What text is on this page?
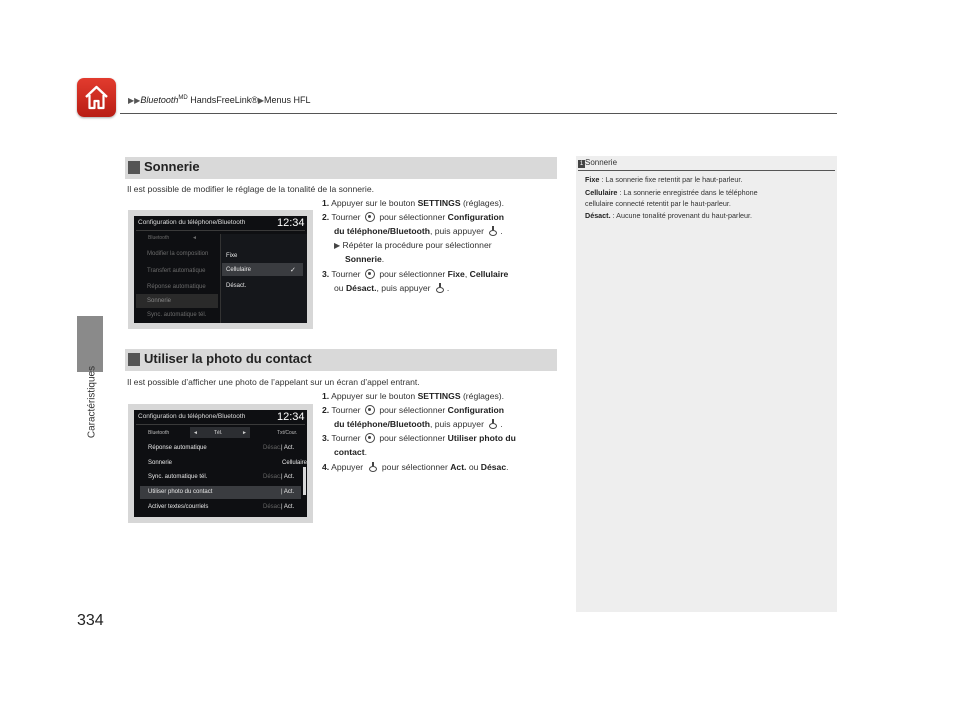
▶▶Bluetooth$^{MD}$ HandsFreeLink®▶Menus HFL
Caractéristiques
334
Sonnerie
Il est possible de modifier le réglage de la tonalité de la sonnerie.
1. Appuyer sur le bouton SETTINGS (réglages).
2. Tourner  pour sélectionner Configuration
du téléphone/Bluetooth, puis appuyer .
▶ Répéter la procédure pour sélectionner
Sonnerie.
3. Tourner  pour sélectionner Fixe, Cellulaire
ou Désact., puis appuyer .
Configuration du téléphone/Bluetooth	12:34
Bluetooth	◄
Modifier la composition
Transfert automatique
Réponse automatique
Sonnerie
Sync. automatique tél.
Fixe
Cellulaire	✓
Désact.
Utiliser la photo du contact
Il est possible d’afficher une photo de l’appelant sur un écran d’appel entrant.
1. Appuyer sur le bouton SETTINGS (réglages).
2. Tourner  pour sélectionner Configuration
du téléphone/Bluetooth, puis appuyer .
3. Tourner  pour sélectionner Utiliser photo du
contact.
4. Appuyer  pour sélectionner Act. ou Désac.
Configuration du téléphone/Bluetooth	12:34
Bluetooth	◄	Tél.	►	Txt/Cour.
Réponse automatique	Désac. | Act.
Sonnerie	Cellulaire
Sync. automatique tél.	Désac. | Act.
Utiliser photo du contact	| Act.
Activer textes/courriels	Désac. | Act.
1 Sonnerie
Fixe : La sonnerie fixe retentit par le haut-parleur.
Cellulaire : La sonnerie enregistrée dans le téléphone
cellulaire connecté retentit par le haut-parleur.
Désact. : Aucune tonalité provenant du haut-parleur.
